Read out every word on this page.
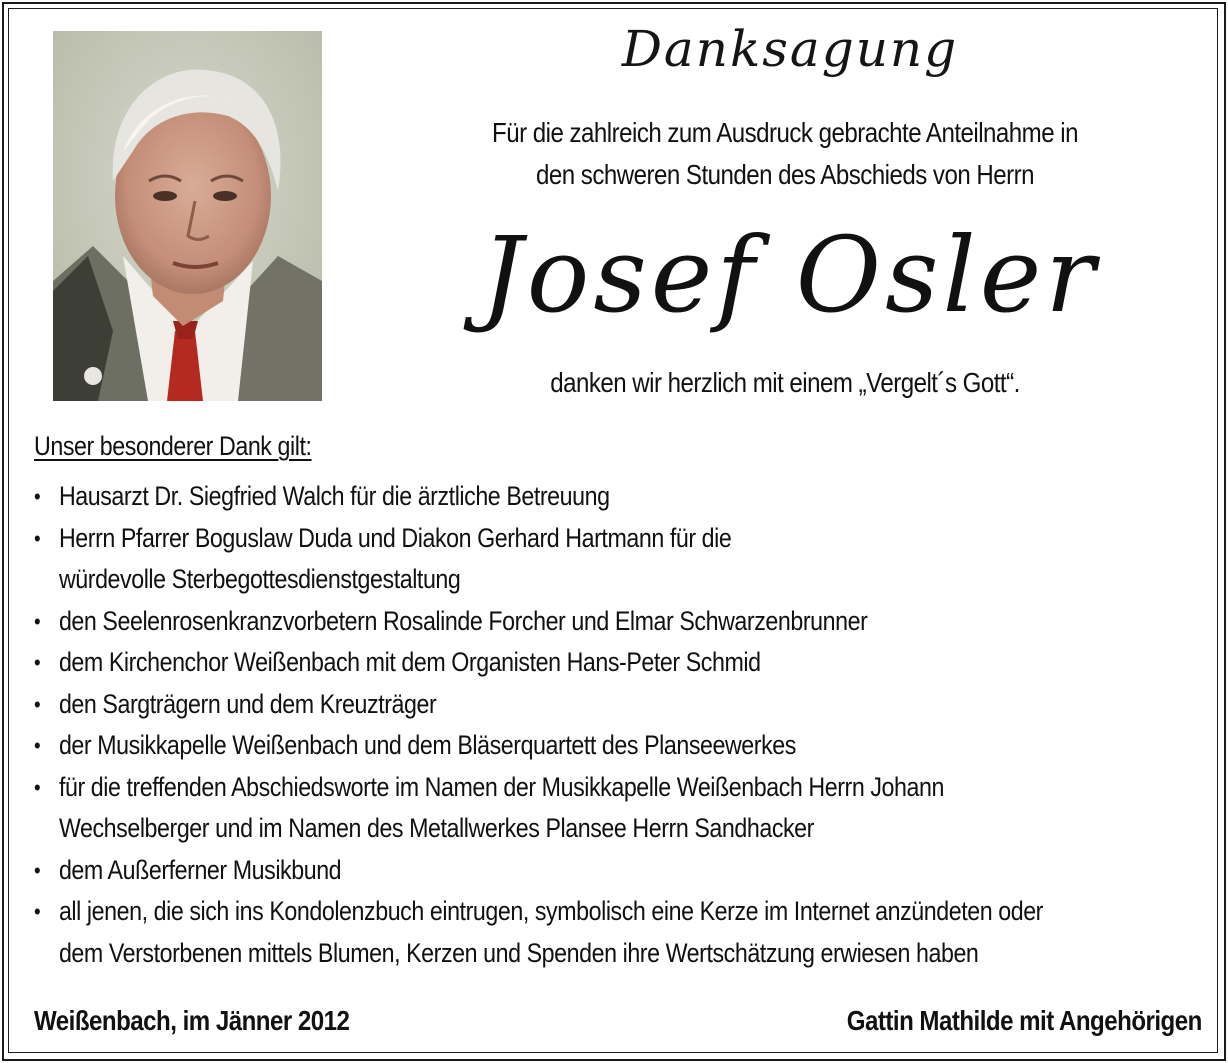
Danksagung
Für die zahlreich zum Ausdruck gebrachte Anteilnahme in
den schweren Stunden des Abschieds von Herrn
Josef Osler
danken wir herzlich mit einem „Vergelt´s Gott“.
Unser besonderer Dank gilt:
• Hausarzt Dr. Siegfried Walch für die ärztliche Betreuung
• Herrn Pfarrer Boguslaw Duda und Diakon Gerhard Hartmann für die
würdevolle Sterbegottesdienstgestaltung
• den Seelenrosenkranzvorbetern Rosalinde Forcher und Elmar Schwarzenbrunner
• dem Kirchenchor Weißenbach mit dem Organisten Hans-Peter Schmid
• den Sargträgern und dem Kreuzträger
• der Musikkapelle Weißenbach und dem Bläserquartett des Planseewerkes
• für die treffenden Abschiedsworte im Namen der Musikkapelle Weißenbach Herrn Johann
Wechselberger und im Namen des Metallwerkes Plansee Herrn Sandhacker
• dem Außerferner Musikbund
• all jenen, die sich ins Kondolenzbuch eintrugen, symbolisch eine Kerze im Internet anzündeten oder
dem Verstorbenen mittels Blumen, Kerzen und Spenden ihre Wertschätzung erwiesen haben
Weißenbach, im Jänner 2012	Gattin Mathilde mit Angehörigen
